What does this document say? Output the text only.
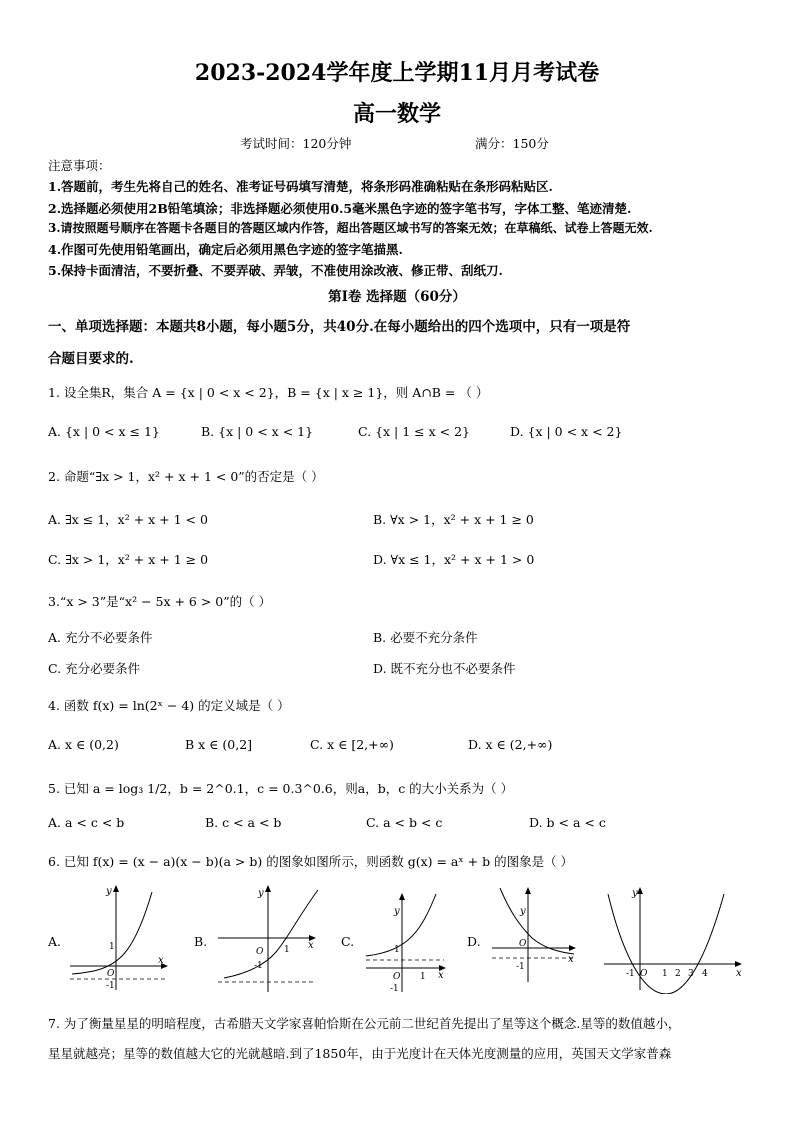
2023-2024学年度上学期11月月考试卷
高一数学
考试时间：120分钟	满分：150分
注意事项：
1.答题前，考生先将自己的姓名、准考证号码填写清楚，将条形码准确粘贴在条形码粘贴区.
2.选择题必须使用2B铅笔填涂；非选择题必须使用0.5毫米黑色字迹的签字笔书写，字体工整、笔迹清楚.
3.请按照题号顺序在答题卡各题目的答题区域内作答，超出答题区域书写的答案无效；在草稿纸、试卷上答题无效.
4.作图可先使用铅笔画出，确定后必须用黑色字迹的签字笔描黑.
5.保持卡面清洁，不要折叠、不要弄破、弄皱，不准使用涂改液、修正带、刮纸刀.
第I卷 选择题（60分）
一、单项选择题：本题共8小题，每小题5分，共40分.在每小题给出的四个选项中，只有一项是符
合题目要求的.
1. 设全集R，集合 A = {x | 0 < x < 2}，B = {x | x ≥ 1}，则 A∩B = （ ）
A. {x | 0 < x ≤ 1}	B. {x | 0 < x < 1}	C. {x | 1 ≤ x < 2}	D. {x | 0 < x < 2}
2. 命题“∃x > 1，x² + x + 1 < 0”的否定是（ ）
A. ∃x ≤ 1，x² + x + 1 < 0	B. ∀x > 1，x² + x + 1 ≥ 0
C. ∃x > 1，x² + x + 1 ≥ 0	D. ∀x ≤ 1，x² + x + 1 > 0
3.“x > 3”是“x² − 5x + 6 > 0”的（ ）
A. 充分不必要条件	B. 必要不充分条件
C. 充分必要条件	D. 既不充分也不必要条件
4. 函数 f(x) = ln(2ˣ − 4) 的定义域是（ ）
A. x ∈ (0,2)	B x ∈ (0,2]	C. x ∈ [2,+∞)	D. x ∈ (2,+∞)
5. 已知 a = log₃ 1/2，b = 2^0.1，c = 0.3^0.6，则a，b，c 的大小关系为（ ）
A. a < c < b	B. c < a < b	C. a < b < c	D. b < a < c
6. 已知 f(x) = (x − a)(x − b)(a > b) 的图象如图所示，则函数 g(x) = aˣ + b 的图象是（ ）
A.	B.	C.	D.
y
x
O
1
-1
y
x
O 1
-1
y
x
O
1
1
-1
y
x
O
-1
y
x
O
-1	1 2 3 4
7. 为了衡量星星的明暗程度，古希腊天文学家喜帕恰斯在公元前二世纪首先提出了星等这个概念.星等的数值越小，
星星就越亮；星等的数值越大它的光就越暗.到了1850年，由于光度计在天体光度测量的应用，英国天文学家普森
